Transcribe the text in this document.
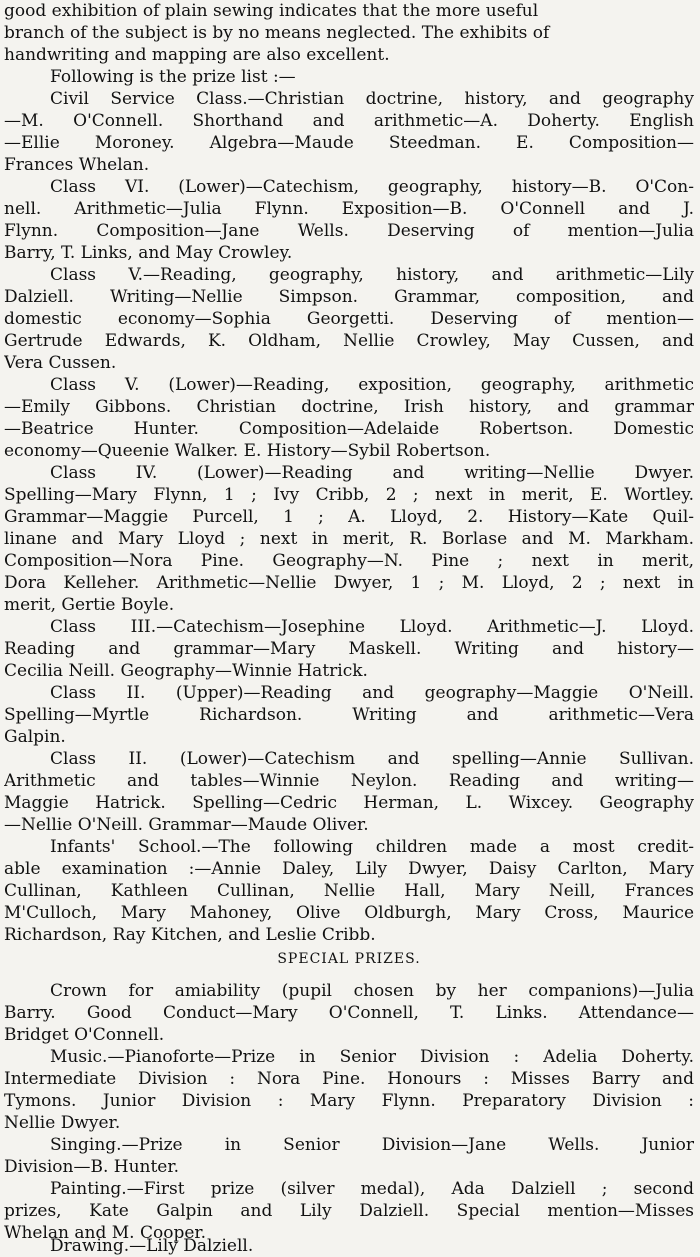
good exhibition of plain sewing indicates that the more useful
branch of the subject is by no means neglected. The exhibits of
handwriting and mapping are also excellent.
Following is the prize list :—
Civil Service Class.—Christian doctrine, history, and geography
—M. O'Connell. Shorthand and arithmetic—A. Doherty. English
—Ellie Moroney. Algebra—Maude Steedman. E. Composition—
Frances Whelan.
Class VI. (Lower)—Catechism, geography, history—B. O'Con-
nell. Arithmetic—Julia Flynn. Exposition—B. O'Connell and J.
Flynn. Composition—Jane Wells. Deserving of mention—Julia
Barry, T. Links, and May Crowley.
Class V.—Reading, geography, history, and arithmetic—Lily
Dalziell. Writing—Nellie Simpson. Grammar, composition, and
domestic economy—Sophia Georgetti. Deserving of mention—
Gertrude Edwards, K. Oldham, Nellie Crowley, May Cussen, and
Vera Cussen.
Class V. (Lower)—Reading, exposition, geography, arithmetic
—Emily Gibbons. Christian doctrine, Irish history, and grammar
—Beatrice Hunter. Composition—Adelaide Robertson. Domestic
economy—Queenie Walker. E. History—Sybil Robertson.
Class IV. (Lower)—Reading and writing—Nellie Dwyer.
Spelling—Mary Flynn, 1 ; Ivy Cribb, 2 ; next in merit, E. Wortley.
Grammar—Maggie Purcell, 1 ; A. Lloyd, 2. History—Kate Quil-
linane and Mary Lloyd ; next in merit, R. Borlase and M. Markham.
Composition—Nora Pine. Geography—N. Pine ; next in merit,
Dora Kelleher. Arithmetic—Nellie Dwyer, 1 ; M. Lloyd, 2 ; next in
merit, Gertie Boyle.
Class III.—Catechism—Josephine Lloyd. Arithmetic—J. Lloyd.
Reading and grammar—Mary Maskell. Writing and history—
Cecilia Neill. Geography—Winnie Hatrick.
Class II. (Upper)—Reading and geography—Maggie O'Neill.
Spelling—Myrtle Richardson. Writing and arithmetic—Vera
Galpin.
Class II. (Lower)—Catechism and spelling—Annie Sullivan.
Arithmetic and tables—Winnie Neylon. Reading and writing—
Maggie Hatrick. Spelling—Cedric Herman, L. Wixcey. Geography
—Nellie O'Neill. Grammar—Maude Oliver.
Infants' School.—The following children made a most credit-
able examination :—Annie Daley, Lily Dwyer, Daisy Carlton, Mary
Cullinan, Kathleen Cullinan, Nellie Hall, Mary Neill, Frances
M'Culloch, Mary Mahoney, Olive Oldburgh, Mary Cross, Maurice
Richardson, Ray Kitchen, and Leslie Cribb.
SPECIAL PRIZES.
Crown for amiability (pupil chosen by her companions)—Julia
Barry. Good Conduct—Mary O'Connell, T. Links. Attendance—
Bridget O'Connell.
Music.—Pianoforte—Prize in Senior Division : Adelia Doherty.
Intermediate Division : Nora Pine. Honours : Misses Barry and
Tymons. Junior Division : Mary Flynn. Preparatory Division :
Nellie Dwyer.
Singing.—Prize in Senior Division—Jane Wells. Junior
Division—B. Hunter.
Painting.—First prize (silver medal), Ada Dalziell ; second
prizes, Kate Galpin and Lily Dalziell. Special mention—Misses
Whelan and M. Cooper.
Drawing.—Lily Dalziell.
